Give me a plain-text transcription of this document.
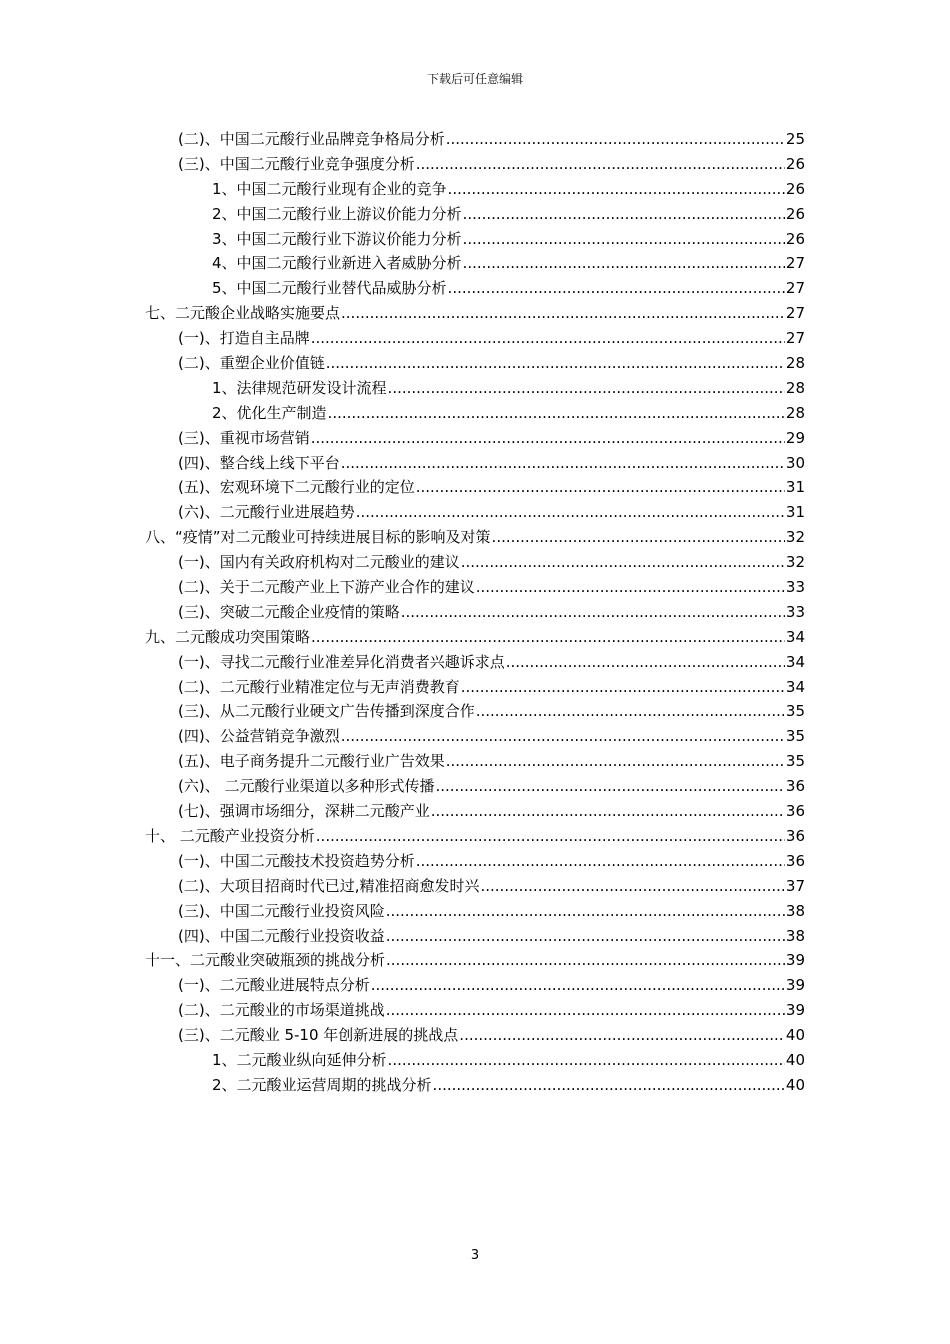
下载后可任意编辑
(二)、中国二元酸行业品牌竞争格局分析 .....	25
(三)、中国二元酸行业竞争强度分析 .....	26
1、中国二元酸行业现有企业的竞争 .....	26
2、中国二元酸行业上游议价能力分析 .....	26
3、中国二元酸行业下游议价能力分析 .....	26
4、中国二元酸行业新进入者威胁分析 .....	27
5、中国二元酸行业替代品威胁分析 .....	27
七、二元酸企业战略实施要点 .....	27
(一)、打造自主品牌 .....	27
(二)、重塑企业价值链 .....	28
1、法律规范研发设计流程 .....	28
2、优化生产制造 .....	28
(三)、重视市场营销 .....	29
(四)、整合线上线下平台 .....	30
(五)、宏观环境下二元酸行业的定位 .....	31
(六)、二元酸行业进展趋势 .....	31
八、“疫情”对二元酸业可持续进展目标的影响及对策 .....	32
(一)、国内有关政府机构对二元酸业的建议 .....	32
(二)、关于二元酸产业上下游产业合作的建议 .....	33
(三)、突破二元酸企业疫情的策略 .....	33
九、二元酸成功突围策略 .....	34
(一)、寻找二元酸行业准差异化消费者兴趣诉求点 .....	34
(二)、二元酸行业精准定位与无声消费教育 .....	34
(三)、从二元酸行业硬文广告传播到深度合作 .....	35
(四)、公益营销竞争激烈 .....	35
(五)、电子商务提升二元酸行业广告效果 .....	35
(六)、 二元酸行业渠道以多种形式传播 .....	36
(七)、强调市场细分，深耕二元酸产业 .....	36
十、 二元酸产业投资分析 .....	36
(一)、中国二元酸技术投资趋势分析 .....	36
(二)、大项目招商时代已过,精准招商愈发时兴 .....	37
(三)、中国二元酸行业投资风险 .....	38
(四)、中国二元酸行业投资收益 .....	38
十一、二元酸业突破瓶颈的挑战分析 .....	39
(一)、二元酸业进展特点分析 .....	39
(二)、二元酸业的市场渠道挑战 .....	39
(三)、二元酸业 5-10 年创新进展的挑战点 .....	40
1、二元酸业纵向延伸分析 .....	40
2、二元酸业运营周期的挑战分析 .....	40
3
